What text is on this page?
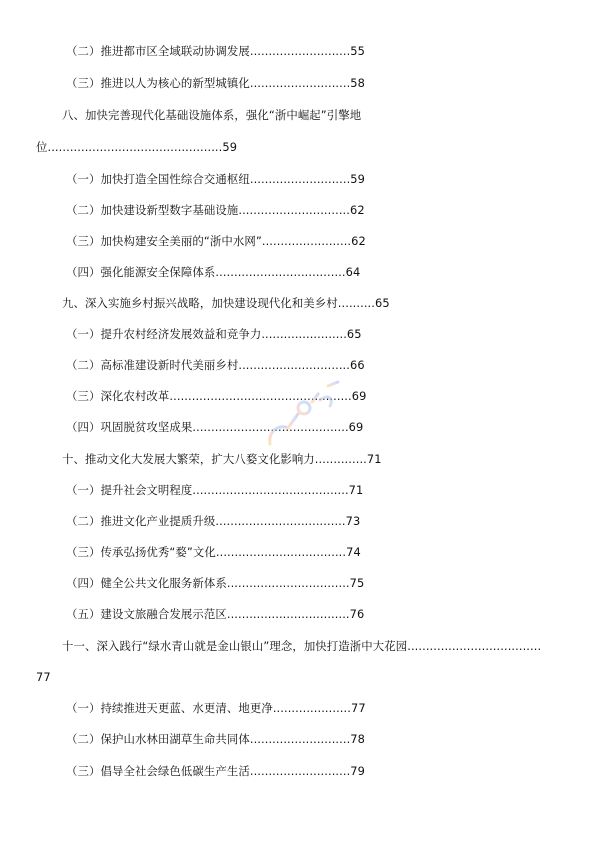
（二）推进都市区全域联动协调发展...........................55
（三）推进以人为核心的新型城镇化...........................58
八、加快完善现代化基础设施体系，强化“浙中崛起”引擎地
位...............................................59
（一）加快打造全国性综合交通枢纽...........................59
（二）加快建设新型数字基础设施..............................62
（三）加快构建安全美丽的“浙中水网”........................62
（四）强化能源安全保障体系...................................64
九、深入实施乡村振兴战略，加快建设现代化和美乡村..........65
（一）提升农村经济发展效益和竞争力.......................65
（二）高标准建设新时代美丽乡村..............................66
（三）深化农村改革.................................................69
（四）巩固脱贫攻坚成果..........................................69
十、推动文化大发展大繁荣，扩大八婺文化影响力..............71
（一）提升社会文明程度..........................................71
（二）推进文化产业提质升级...................................73
（三）传承弘扬优秀“婺”文化...................................74
（四）健全公共文化服务新体系.................................75
（五）建设文旅融合发展示范区.................................76
十一、深入践行“绿水青山就是金山银山”理念，加快打造浙中大花园....................................
77
（一）持续推进天更蓝、水更清、地更净.....................77
（二）保护山水林田湖草生命共同体...........................78
（三）倡导全社会绿色低碳生产生活...........................79
